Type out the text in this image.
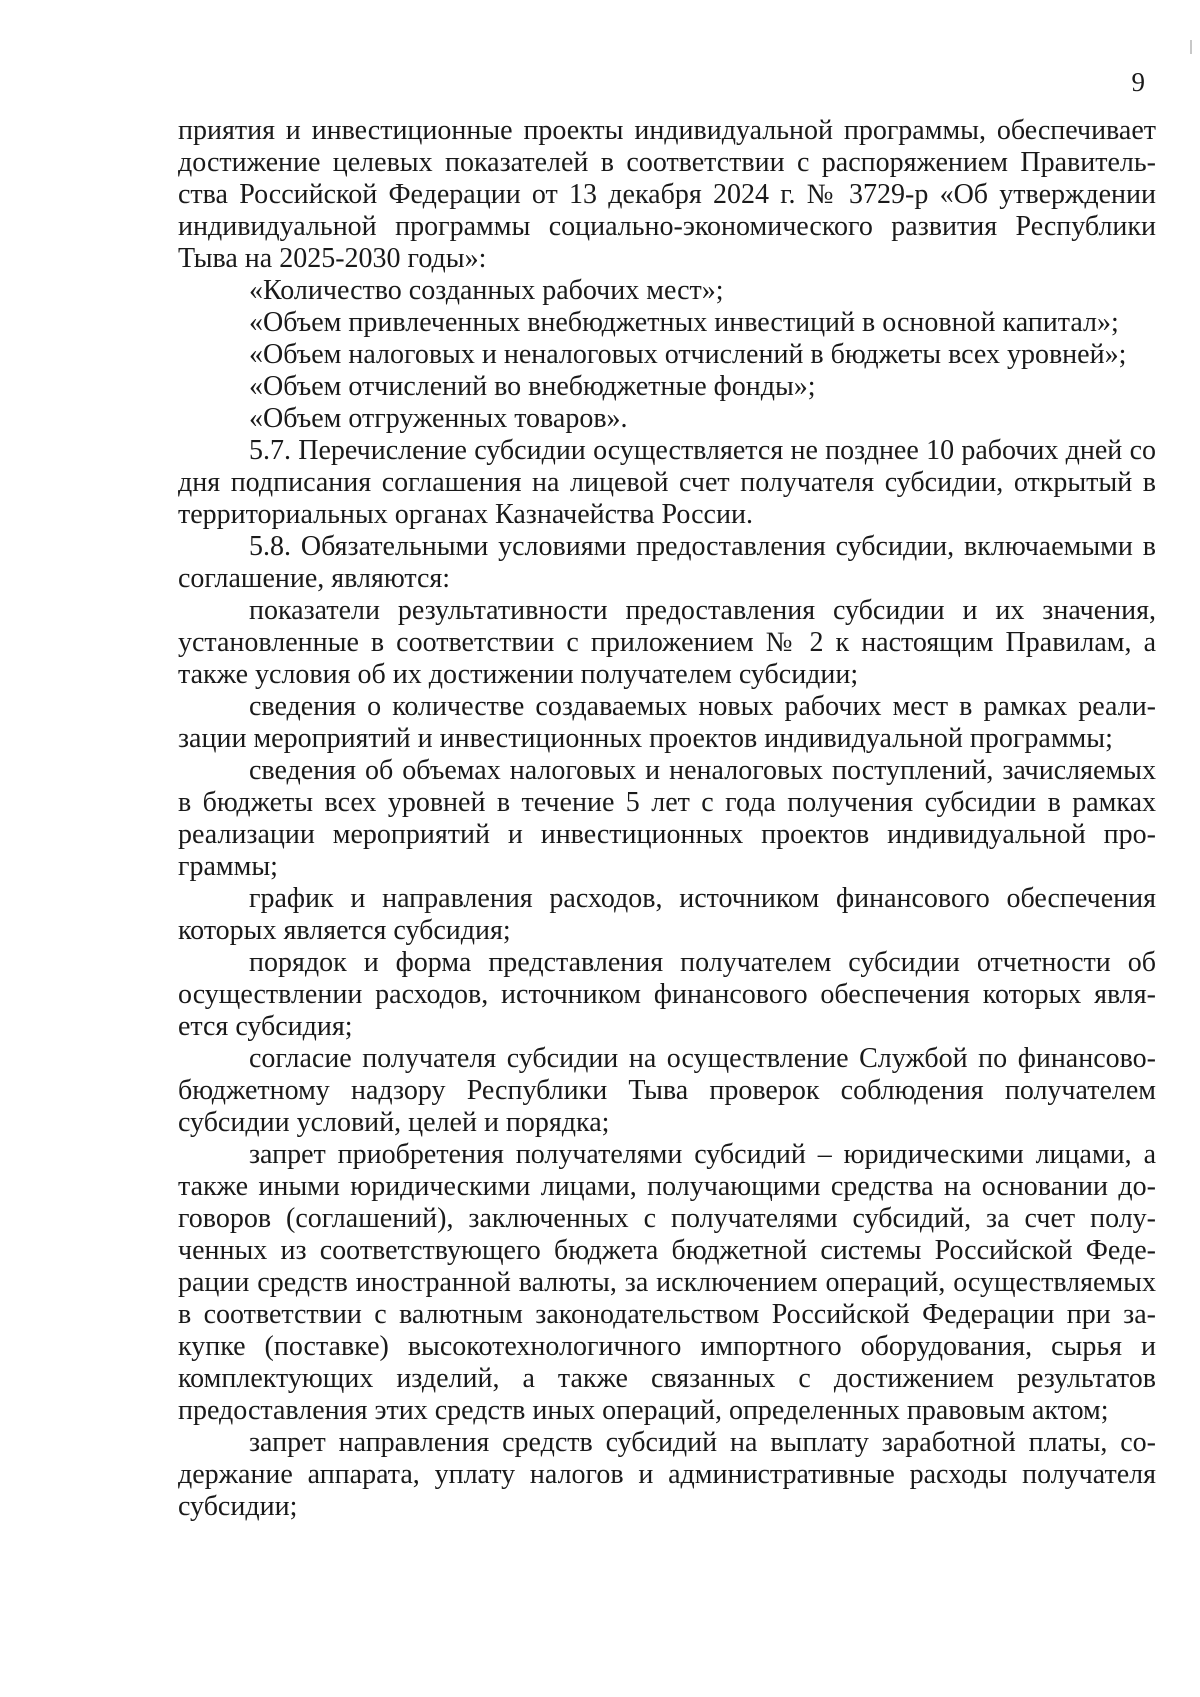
9

приятия и инвестиционные проекты индивидуальной программы, обеспечивает достижение целевых показателей в соответствии с распоряжением Правительства Российской Федерации от 13 декабря 2024 г. № 3729-р «Об утверждении индивидуальной программы социально-экономического развития Республики Тыва на 2025-2030 годы»:

«Количество созданных рабочих мест»;

«Объем привлеченных внебюджетных инвестиций в основной капитал»;

«Объем налоговых и неналоговых отчислений в бюджеты всех уровней»;

«Объем отчислений во внебюджетные фонды»;

«Объем отгруженных товаров».

5.7. Перечисление субсидии осуществляется не позднее 10 рабочих дней со дня подписания соглашения на лицевой счет получателя субсидии, открытый в территориальных органах Казначейства России.

5.8. Обязательными условиями предоставления субсидии, включаемыми в соглашение, являются:

показатели результативности предоставления субсидии и их значения, установленные в соответствии с приложением № 2 к настоящим Правилам, а также условия об их достижении получателем субсидии;

сведения о количестве создаваемых новых рабочих мест в рамках реализации мероприятий и инвестиционных проектов индивидуальной программы;

сведения об объемах налоговых и неналоговых поступлений, зачисляемых в бюджеты всех уровней в течение 5 лет с года получения субсидии в рамках реализации мероприятий и инвестиционных проектов индивидуальной программы;

график и направления расходов, источником финансового обеспечения которых является субсидия;

порядок и форма представления получателем субсидии отчетности об осуществлении расходов, источником финансового обеспечения которых является субсидия;

согласие получателя субсидии на осуществление Службой по финансово-бюджетному надзору Республики Тыва проверок соблюдения получателем субсидии условий, целей и порядка;

запрет приобретения получателями субсидий – юридическими лицами, а также иными юридическими лицами, получающими средства на основании договоров (соглашений), заключенных с получателями субсидий, за счет полученных из соответствующего бюджета бюджетной системы Российской Федерации средств иностранной валюты, за исключением операций, осуществляемых в соответствии с валютным законодательством Российской Федерации при закупке (поставке) высокотехнологичного импортного оборудования, сырья и комплектующих изделий, а также связанных с достижением результатов предоставления этих средств иных операций, определенных правовым актом;

запрет направления средств субсидий на выплату заработной платы, содержание аппарата, уплату налогов и административные расходы получателя субсидии;
